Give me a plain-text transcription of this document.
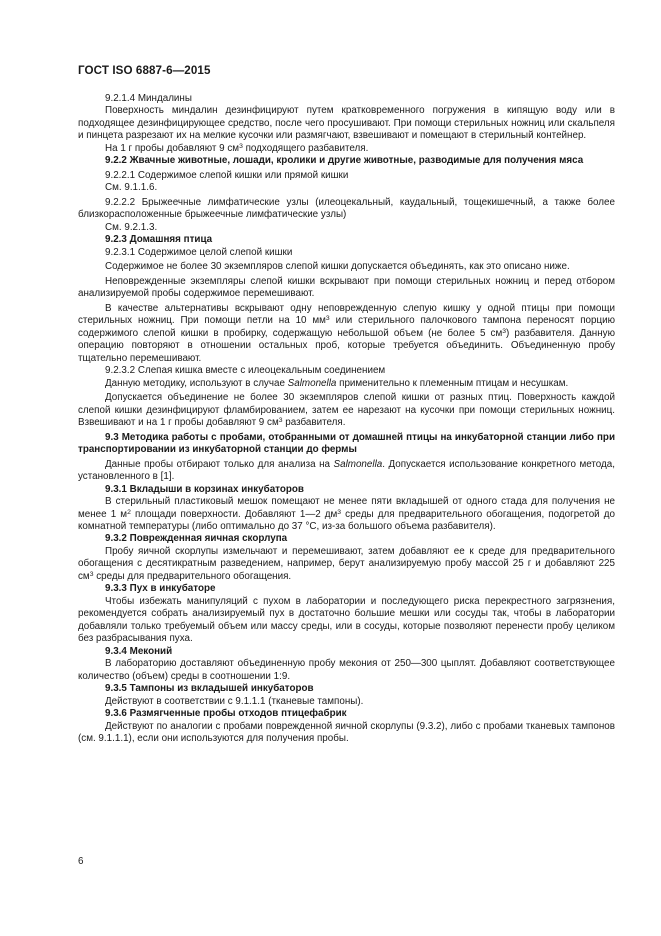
ГОСТ ISO 6887-6—2015

9.2.1.4 Миндалины

Поверхность миндалин дезинфицируют путем кратковременного погружения в кипящую воду или в подходящее дезинфицирующее средство, после чего просушивают. При помощи стерильных ножниц или скальпеля и пинцета разрезают их на мелкие кусочки или размягчают, взвешивают и помещают в стерильный контейнер.

На 1 г пробы добавляют 9 $см^3$ подходящего разбавителя.

9.2.2 Жвачные животные, лошади, кролики и другие животные, разводимые для получения мяса

9.2.2.1 Содержимое слепой кишки или прямой кишки

См. 9.1.1.6.

9.2.2.2 Брыжеечные лимфатические узлы (илеоцекальный, каудальный, тощекишечный, а также более близкорасположенные брыжеечные лимфатические узлы)

См. 9.2.1.3.

9.2.3 Домашняя птица

9.2.3.1 Содержимое целой слепой кишки

Содержимое не более 30 экземпляров слепой кишки допускается объединять, как это описано ниже.

Неповрежденные экземпляры слепой кишки вскрывают при помощи стерильных ножниц и перед отбором анализируемой пробы содержимое перемешивают.

В качестве альтернативы вскрывают одну неповрежденную слепую кишку у одной птицы при помощи стерильных ножниц. При помощи петли на 10 $мм^3$ или стерильного палочкового тампона переносят порцию содержимого слепой кишки в пробирку, содержащую небольшой объем (не более 5 $см^3$) разбавителя. Данную операцию повторяют в отношении остальных проб, которые требуется объединить. Объединенную пробу тщательно перемешивают.

9.2.3.2 Слепая кишка вместе с илеоцекальным соединением

Данную методику, используют в случае Salmonella применительно к племенным птицам и несушкам.

Допускается объединение не более 30 экземпляров слепой кишки от разных птиц. Поверхность каждой слепой кишки дезинфицируют фламбированием, затем ее нарезают на кусочки при помощи стерильных ножниц. Взвешивают и на 1 г пробы добавляют 9 $см^3$ разбавителя.

9.3 Методика работы с пробами, отобранными от домашней птицы на инкубаторной станции либо при транспортировании из инкубаторной станции до фермы

Данные пробы отбирают только для анализа на Salmonella. Допускается использование конкретного метода, установленного в [1].

9.3.1 Вкладыши в корзинах инкубаторов

В стерильный пластиковый мешок помещают не менее пяти вкладышей от одного стада для получения не менее 1 $м^2$ площади поверхности. Добавляют 1—2 $дм^3$ среды для предварительного обогащения, подогретой до комнатной температуры (либо оптимально до 37 °С, из-за большого объема разбавителя).

9.3.2 Поврежденная яичная скорлупа

Пробу яичной скорлупы измельчают и перемешивают, затем добавляют ее к среде для предварительного обогащения с десятикратным разведением, например, берут анализируемую пробу массой 25 г и добавляют 225 $см^3$ среды для предварительного обогащения.

9.3.3 Пух в инкубаторе

Чтобы избежать манипуляций с пухом в лаборатории и последующего риска перекрестного загрязнения, рекомендуется собрать анализируемый пух в достаточно большие мешки или сосуды так, чтобы в лаборатории добавляли только требуемый объем или массу среды, или в сосуды, которые позволяют перенести пробу целиком без разбрасывания пуха.

9.3.4 Меконий

В лабораторию доставляют объединенную пробу мекония от 250—300 цыплят. Добавляют соответствующее количество (объем) среды в соотношении 1:9.

9.3.5 Тампоны из вкладышей инкубаторов

Действуют в соответствии с 9.1.1.1 (тканевые тампоны).

9.3.6 Размягченные пробы отходов птицефабрик

Действуют по аналогии с пробами поврежденной яичной скорлупы (9.3.2), либо с пробами тканевых тампонов (см. 9.1.1.1), если они используются для получения пробы.

6
